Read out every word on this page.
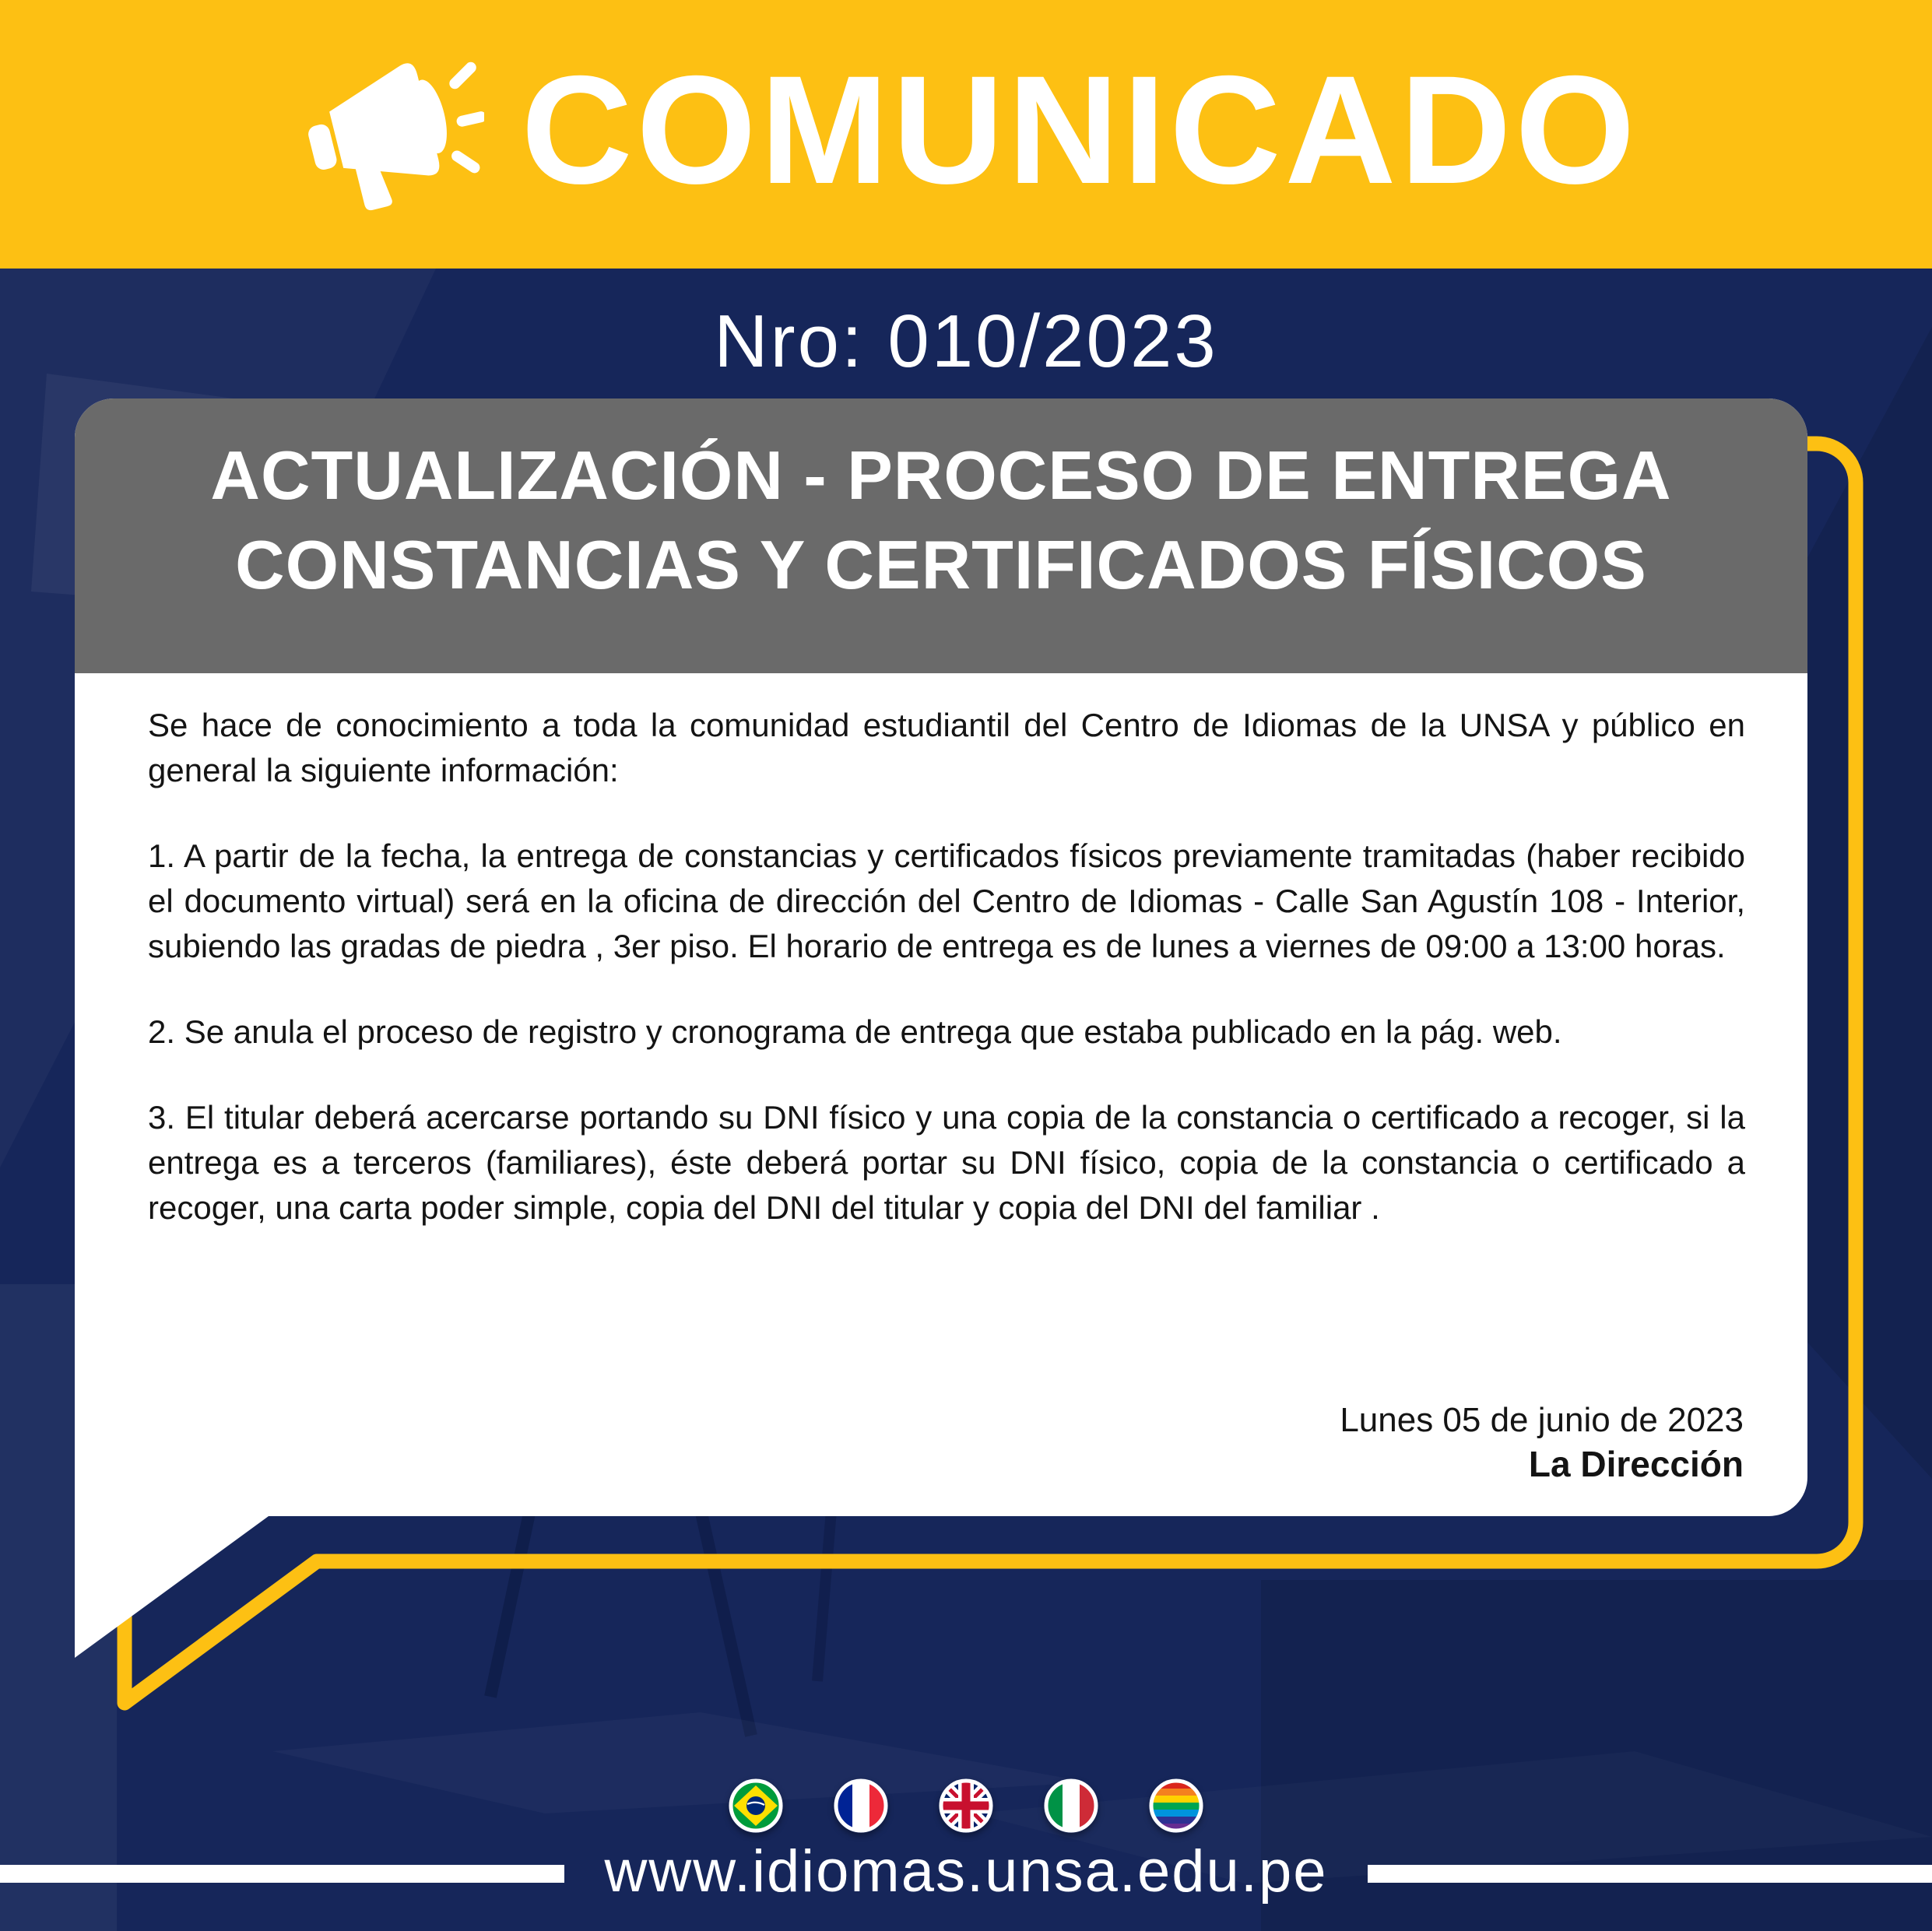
COMUNICADO
Nro: 010/2023
ACTUALIZACIÓN - PROCESO DE ENTREGA
CONSTANCIAS Y CERTIFICADOS FÍSICOS

Se hace de conocimiento a toda la comunidad estudiantil del Centro de Idiomas de la UNSA y público en general la siguiente información:

1. A partir de la fecha, la entrega de constancias y certificados físicos previamente tramitadas (haber recibido el documento virtual) será en la oficina de dirección del Centro de Idiomas - Calle San Agustín 108 - Interior, subiendo las gradas de piedra , 3er piso. El horario de entrega es de lunes a viernes de 09:00 a 13:00 horas.

2. Se anula el proceso de registro y cronograma de entrega que estaba publicado en la pág. web.

3. El titular deberá acercarse portando su DNI físico y una copia de la constancia o certificado a recoger, si la entrega es a terceros (familiares), éste deberá portar su DNI físico, copia de la constancia o certificado a recoger, una carta poder simple, copia del DNI del titular y copia del DNI del familiar .

Lunes 05 de junio de 2023
La Dirección
www.idiomas.unsa.edu.pe
